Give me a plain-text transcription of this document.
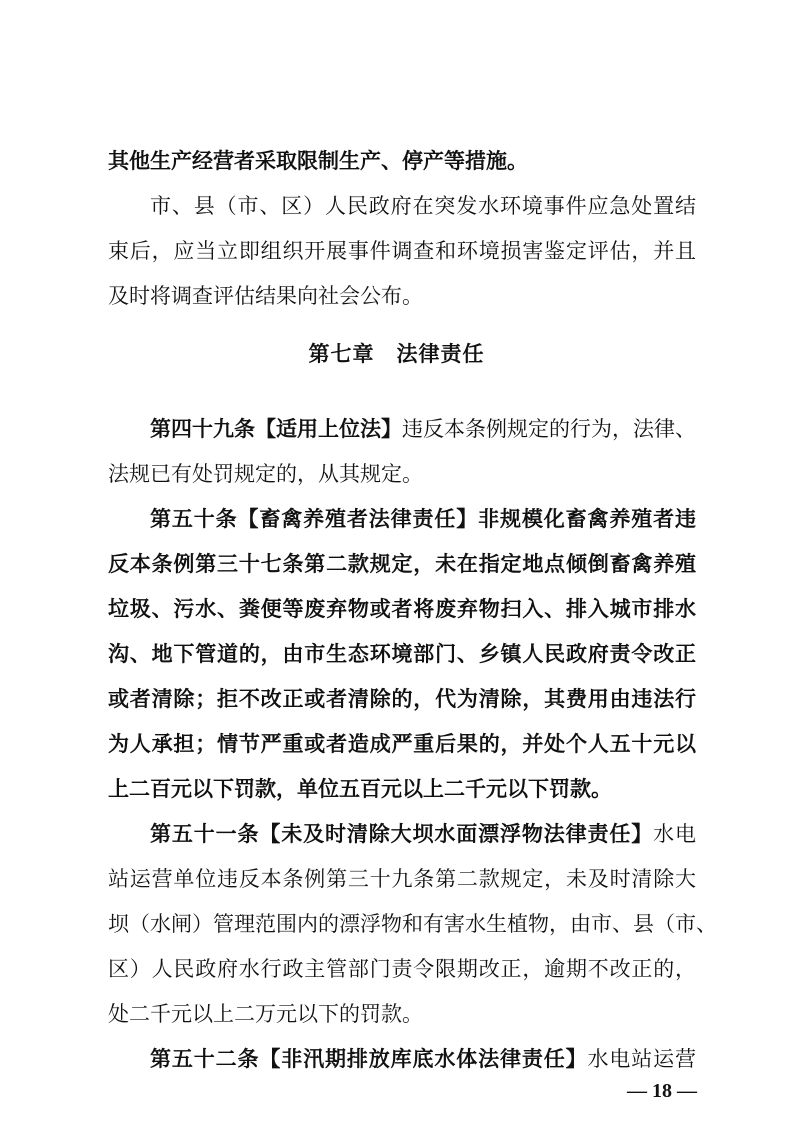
其他生产经营者采取限制生产、停产等措施。
市、县（市、区）人民政府在突发水环境事件应急处置结
束后，应当立即组织开展事件调查和环境损害鉴定评估，并且
及时将调查评估结果向社会公布。
第七章　法律责任
第四十九条【适用上位法】违反本条例规定的行为，法律、
法规已有处罚规定的，从其规定。
第五十条【畜禽养殖者法律责任】非规模化畜禽养殖者违
反本条例第三十七条第二款规定，未在指定地点倾倒畜禽养殖
垃圾、污水、粪便等废弃物或者将废弃物扫入、排入城市排水
沟、地下管道的，由市生态环境部门、乡镇人民政府责令改正
或者清除；拒不改正或者清除的，代为清除，其费用由违法行
为人承担；情节严重或者造成严重后果的，并处个人五十元以
上二百元以下罚款，单位五百元以上二千元以下罚款。
第五十一条【未及时清除大坝水面漂浮物法律责任】水电
站运营单位违反本条例第三十九条第二款规定，未及时清除大
坝（水闸）管理范围内的漂浮物和有害水生植物，由市、县（市、
区）人民政府水行政主管部门责令限期改正，逾期不改正的，
处二千元以上二万元以下的罚款。
第五十二条【非汛期排放库底水体法律责任】水电站运营
— 18 —
